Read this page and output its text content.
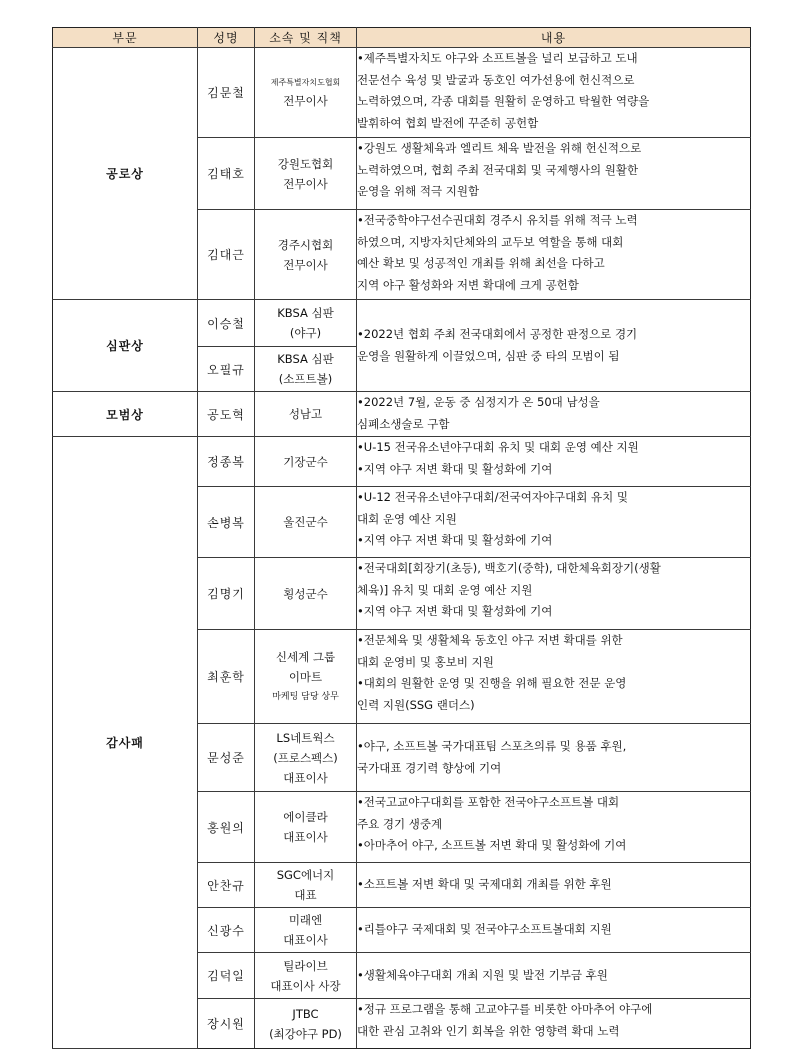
부문	성명	소속 및 직책	내용
공로상	김문철	제주특별자치도협회
전무이사	•제주특별자치도 야구와 소프트볼을 널리 보급하고 도내
전문선수 육성 및 발굴과 동호인 여가선용에 헌신적으로
노력하였으며, 각종 대회를 원활히 운영하고 탁월한 역량을
발휘하여 협회 발전에 꾸준히 공헌함

	김태호	강원도협회
전무이사	•강원도 생활체육과 엘리트 체육 발전을 위해 헌신적으로
노력하였으며, 협회 주최 전국대회 및 국제행사의 원활한
운영을 위해 적극 지원함

	김대근	경주시협회
전무이사	•전국중학야구선수권대회 경주시 유치를 위해 적극 노력
하였으며, 지방자치단체와의 교두보 역할을 통해 대회
예산 확보 및 성공적인 개최를 위해 최선을 다하고
지역 야구 활성화와 저변 확대에 크게 공헌함

심판상	이승철	KBSA 심판
(야구)	•2022년 협회 주최 전국대회에서 공정한 판정으로 경기
운영을 원활하게 이끌었으며, 심판 중 타의 모범이 됨

	오필규	KBSA 심판
(소프트볼)	

모범상	공도혁	성남고	•2022년 7월, 운동 중 심정지가 온 50대 남성을
심폐소생술로 구함

감사패	정종복	기장군수	•U-15 전국유소년야구대회 유치 및 대회 운영 예산 지원
•지역 야구 저변 확대 및 활성화에 기여

	손병복	울진군수	•U-12 전국유소년야구대회/전국여자야구대회 유치 및
대회 운영 예산 지원
•지역 야구 저변 확대 및 활성화에 기여

	김명기	횡성군수	•전국대회[회장기(초등), 백호기(중학), 대한체육회장기(생활
체육)] 유치 및 대회 운영 예산 지원
•지역 야구 저변 확대 및 활성화에 기여

	최훈학	신세계 그룹
이마트
마케팅 담당 상무	•전문체육 및 생활체육 동호인 야구 저변 확대를 위한
대회 운영비 및 홍보비 지원
•대회의 원활한 운영 및 진행을 위해 필요한 전문 운영
인력 지원(SSG 랜더스)

	문성준	LS네트웍스
(프로스펙스)
대표이사	•야구, 소프트볼 국가대표팀 스포츠의류 및 용품 후원,
국가대표 경기력 향상에 기여

	홍원의	에이클라
대표이사	•전국고교야구대회를 포함한 전국야구소프트볼 대회
주요 경기 생중계
•아마추어 야구, 소프트볼 저변 확대 및 활성화에 기여

	안찬규	SGC에너지
대표	•소프트볼 저변 확대 및 국제대회 개최를 위한 후원

	신광수	미래엔
대표이사	•리틀야구 국제대회 및 전국야구소프트볼대회 지원

	김덕일	틸라이브
대표이사 사장	•생활체육야구대회 개최 지원 및 발전 기부금 후원

	장시원	JTBC
(최강야구 PD)	•정규 프로그램을 통해 고교야구를 비롯한 아마추어 야구에
대한 관심 고취와 인기 회복을 위한 영향력 확대 노력
